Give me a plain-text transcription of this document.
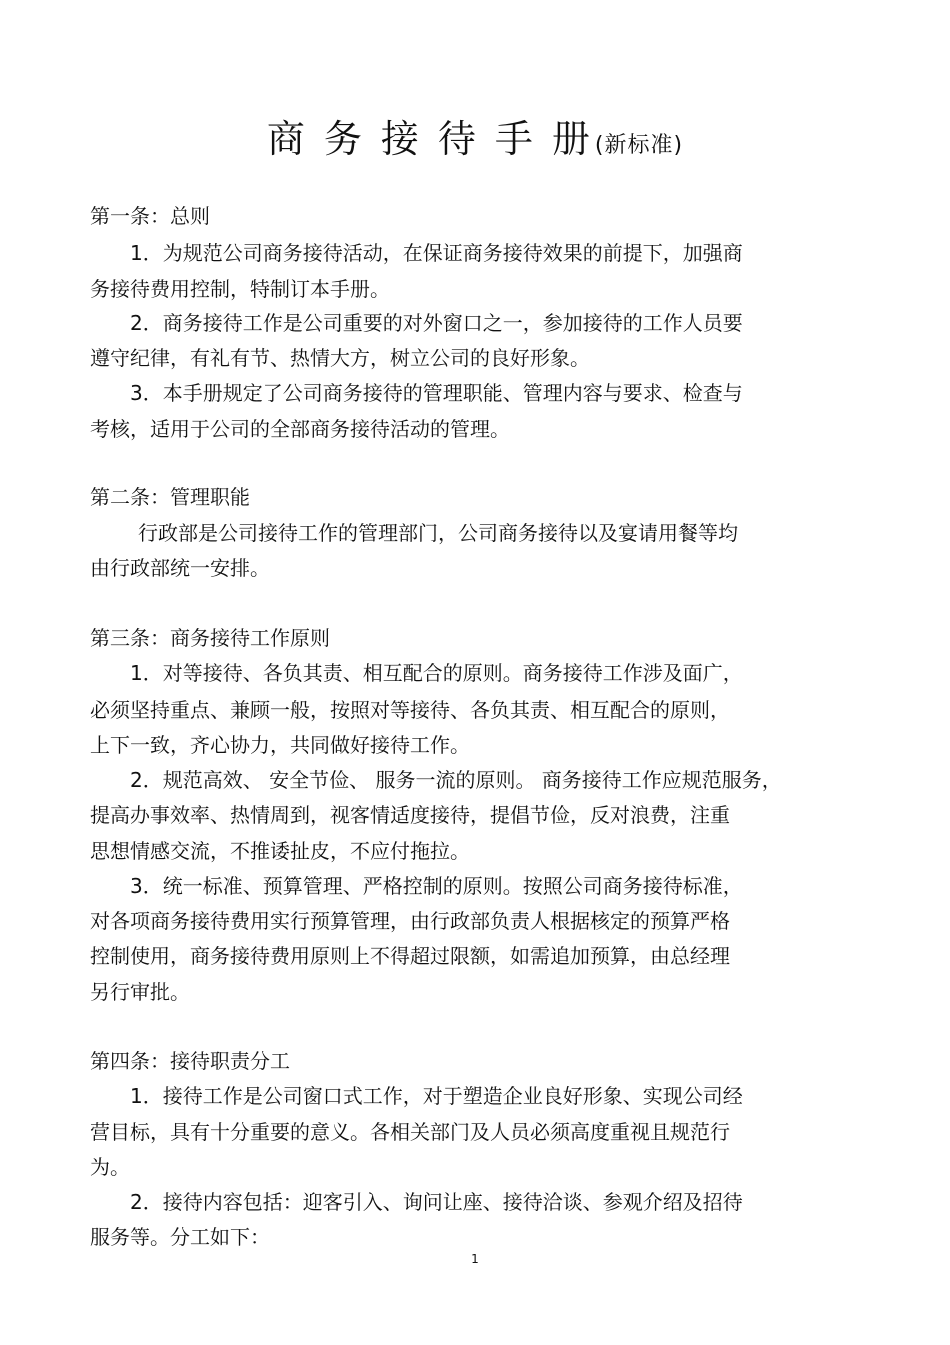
商务接待手册(新标准)
第一条：总则
1．为规范公司商务接待活动，在保证商务接待效果的前提下，加强商
务接待费用控制，特制订本手册。
2．商务接待工作是公司重要的对外窗口之一，参加接待的工作人员要
遵守纪律，有礼有节、热情大方，树立公司的良好形象。
3．本手册规定了公司商务接待的管理职能、管理内容与要求、检查与
考核，适用于公司的全部商务接待活动的管理。
第二条：管理职能
行政部是公司接待工作的管理部门，公司商务接待以及宴请用餐等均
由行政部统一安排。
第三条：商务接待工作原则
1．对等接待、各负其责、相互配合的原则。商务接待工作涉及面广，
必须坚持重点、兼顾一般，按照对等接待、各负其责、相互配合的原则，
上下一致，齐心协力，共同做好接待工作。
2．规范高效、 安全节俭、 服务一流的原则。 商务接待工作应规范服务，
提高办事效率、热情周到，视客情适度接待，提倡节俭，反对浪费，注重
思想情感交流，不推诿扯皮，不应付拖拉。
3．统一标准、预算管理、严格控制的原则。按照公司商务接待标准，
对各项商务接待费用实行预算管理，由行政部负责人根据核定的预算严格
控制使用，商务接待费用原则上不得超过限额，如需追加预算，由总经理
另行审批。
第四条：接待职责分工
1．接待工作是公司窗口式工作，对于塑造企业良好形象、实现公司经
营目标，具有十分重要的意义。各相关部门及人员必须高度重视且规范行
为。
2．接待内容包括：迎客引入、询问让座、接待洽谈、参观介绍及招待
服务等。分工如下：
1
